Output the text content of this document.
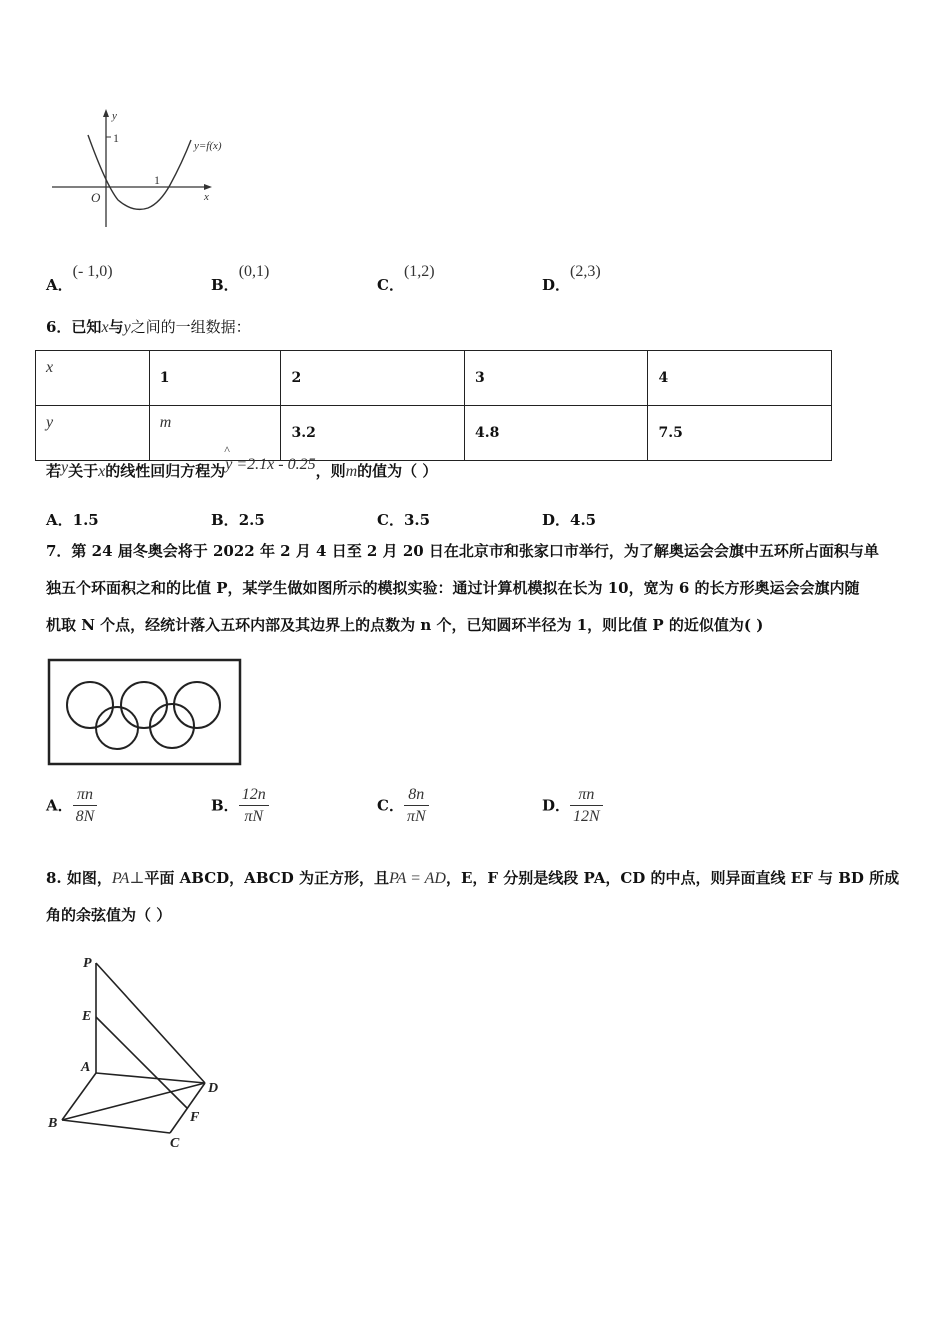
y
1
O
1
x
y=f(x)
A．(- 1,0)
B．(0,1)
C．(1,2)
D．(2,3)
6．已知x与y之间的一组数据：
x	1	2	3	4
y	m	3.2	4.8	7.5
若y关于x的线性回归方程为
^
y =2.1x - 0.25，则m的值为（ ）
A．1.5	B．2.5	C．3.5	D．4.5
7．第 24 届冬奥会将于 2022 年 2 月 4 日至 2 月 20 日在北京市和张家口市举行，为了解奥运会会旗中五环所占面积与单
独五个环面积之和的比值 P，某学生做如图所示的模拟实验：通过计算机模拟在长为 10，宽为 6 的长方形奥运会会旗内随
机取 N 个点，经统计落入五环内部及其边界上的点数为 n 个，已知圆环半径为 1，则比值 P 的近似值为( )
A． $\frac{\pi n}{8N}$	B． $\frac{12n}{\pi N}$	C． $\frac{8n}{\pi N}$	D． $\frac{\pi n}{12N}$
8. 如图，PA⊥平面 ABCD，ABCD 为正方形，且PA = AD，E，F 分别是线段 PA，CD 的中点，则异面直线 EF 与 BD 所成
角的余弦值为（ ）
P
E
A
D
B	F
C
